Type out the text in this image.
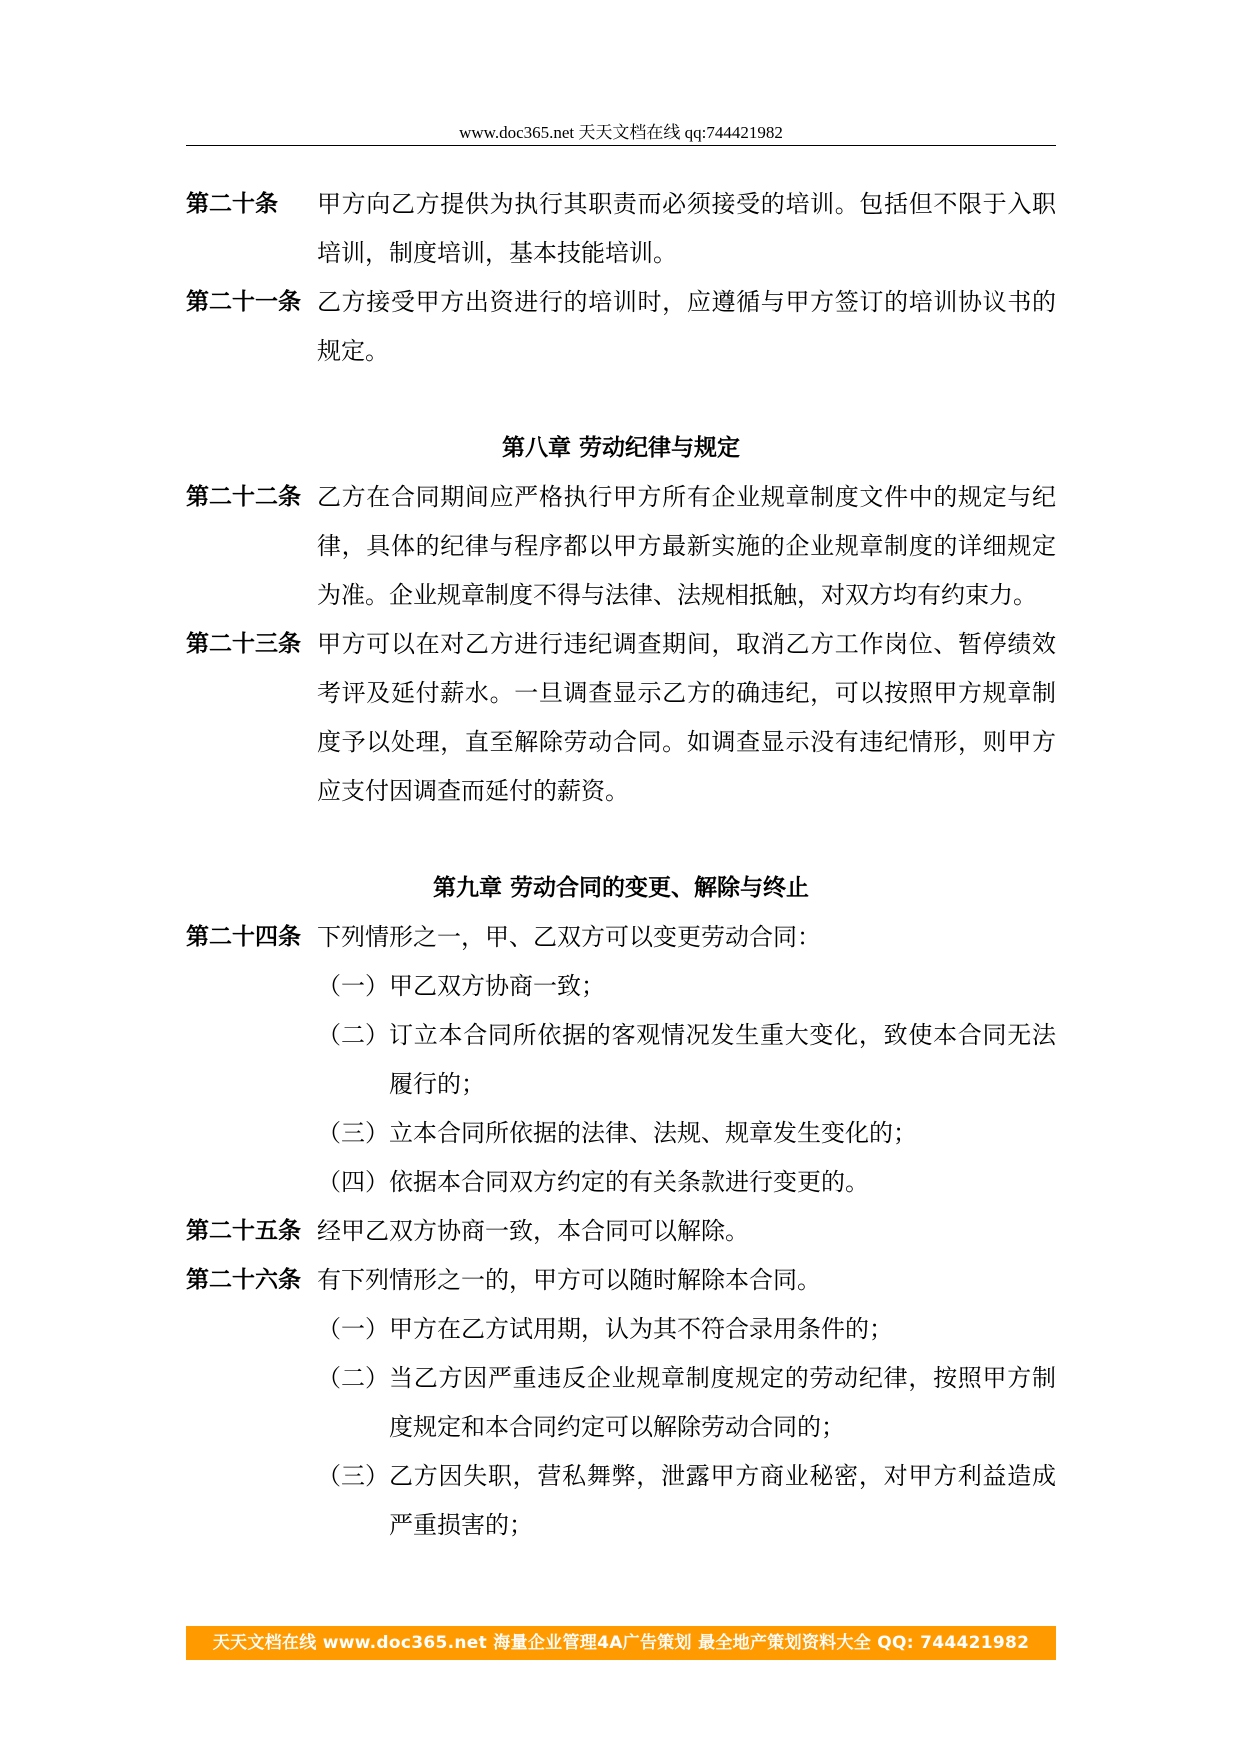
www.doc365.net 天天文档在线 qq:744421982
第二十条	甲方向乙方提供为执行其职责而必须接受的培训。包括但不限于入职培训，制度培训，基本技能培训。
第二十一条 乙方接受甲方出资进行的培训时，应遵循与甲方签订的培训协议书的规定。
第八章 劳动纪律与规定
第二十二条 乙方在合同期间应严格执行甲方所有企业规章制度文件中的规定与纪律，具体的纪律与程序都以甲方最新实施的企业规章制度的详细规定为准。企业规章制度不得与法律、法规相抵触，对双方均有约束力。
第二十三条 甲方可以在对乙方进行违纪调查期间，取消乙方工作岗位、暂停绩效考评及延付薪水。一旦调查显示乙方的确违纪，可以按照甲方规章制度予以处理，直至解除劳动合同。如调查显示没有违纪情形，则甲方应支付因调查而延付的薪资。
第九章 劳动合同的变更、解除与终止
第二十四条 下列情形之一，甲、乙双方可以变更劳动合同：
（一） 甲乙双方协商一致；
（二） 订立本合同所依据的客观情况发生重大变化，致使本合同无法履行的；
（三） 立本合同所依据的法律、法规、规章发生变化的；
（四） 依据本合同双方约定的有关条款进行变更的。
第二十五条 经甲乙双方协商一致，本合同可以解除。
第二十六条 有下列情形之一的，甲方可以随时解除本合同。
（一） 甲方在乙方试用期，认为其不符合录用条件的；
（二） 当乙方因严重违反企业规章制度规定的劳动纪律，按照甲方制度规定和本合同约定可以解除劳动合同的；
（三） 乙方因失职，营私舞弊，泄露甲方商业秘密，对甲方利益造成严重损害的；
天天文档在线 www.doc365.net 海量企业管理4A广告策划 最全地产策划资料大全 QQ: 744421982
